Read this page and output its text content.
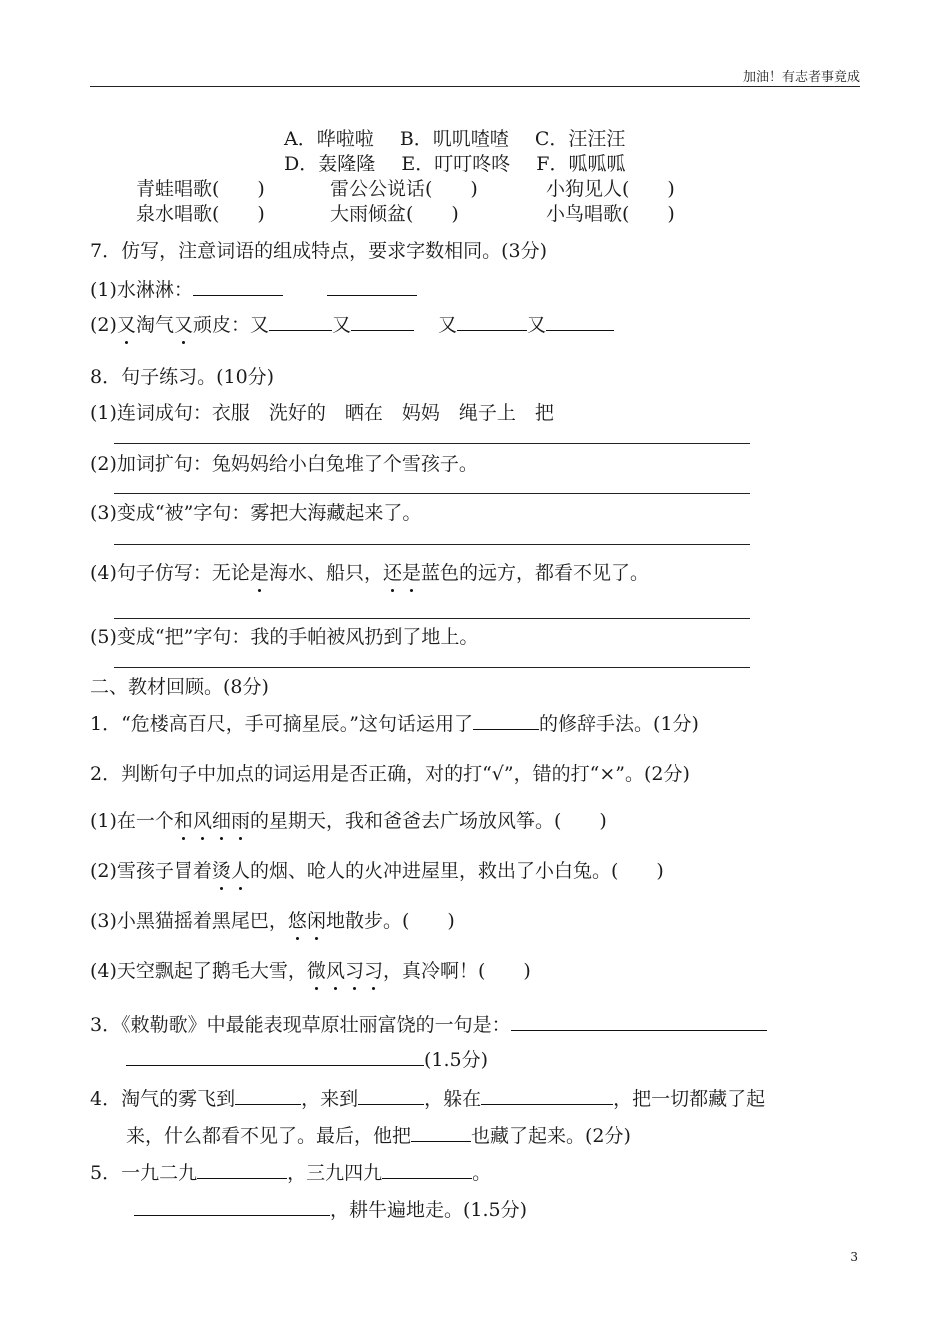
加油！有志者事竟成
A．哗啦啦 B．叽叽喳喳 C．汪汪汪
D．轰隆隆 E．叮叮咚咚 F．呱呱呱
青蛙唱歌(　　)	雷公公说话(　　)	小狗见人(　　)
泉水唱歌(　　)	大雨倾盆(　　)	小鸟唱歌(　　)
7．仿写，注意词语的组成特点，要求字数相同。(3分)
(1)水淋淋：
(2)又淘气又顽皮：又	又	又	又
8．句子练习。(10分)
(1)连词成句：衣服　洗好的　晒在　妈妈　绳子上　把
(2)加词扩句：兔妈妈给小白兔堆了个雪孩子。
(3)变成“被”字句：雾把大海藏起来了。
(4)句子仿写：无论是海水、船只，还是蓝色的远方，都看不见了。
(5)变成“把”字句：我的手帕被风扔到了地上。
二、教材回顾。(8分)
1．“危楼高百尺，手可摘星辰。”这句话运用了	的修辞手法。(1分)
2．判断句子中加点的词运用是否正确，对的打“√”，错的打“×”。(2分)
(1)在一个和风细雨的星期天，我和爸爸去广场放风筝。(　　)
(2)雪孩子冒着烫人的烟、呛人的火冲进屋里，救出了小白兔。(　　)
(3)小黑猫摇着黑尾巴，悠闲地散步。(　　)
(4)天空飘起了鹅毛大雪，微风习习，真冷啊！(　　)
3．《敕勒歌》中最能表现草原壮丽富饶的一句是：
(1.5分)
4．淘气的雾飞到	，来到	，躲在	，把一切都藏了起
来，什么都看不见了。最后，他把	也藏了起来。(2分)
5．一九二九	，三九四九	。
，耕牛遍地走。(1.5分)
3
